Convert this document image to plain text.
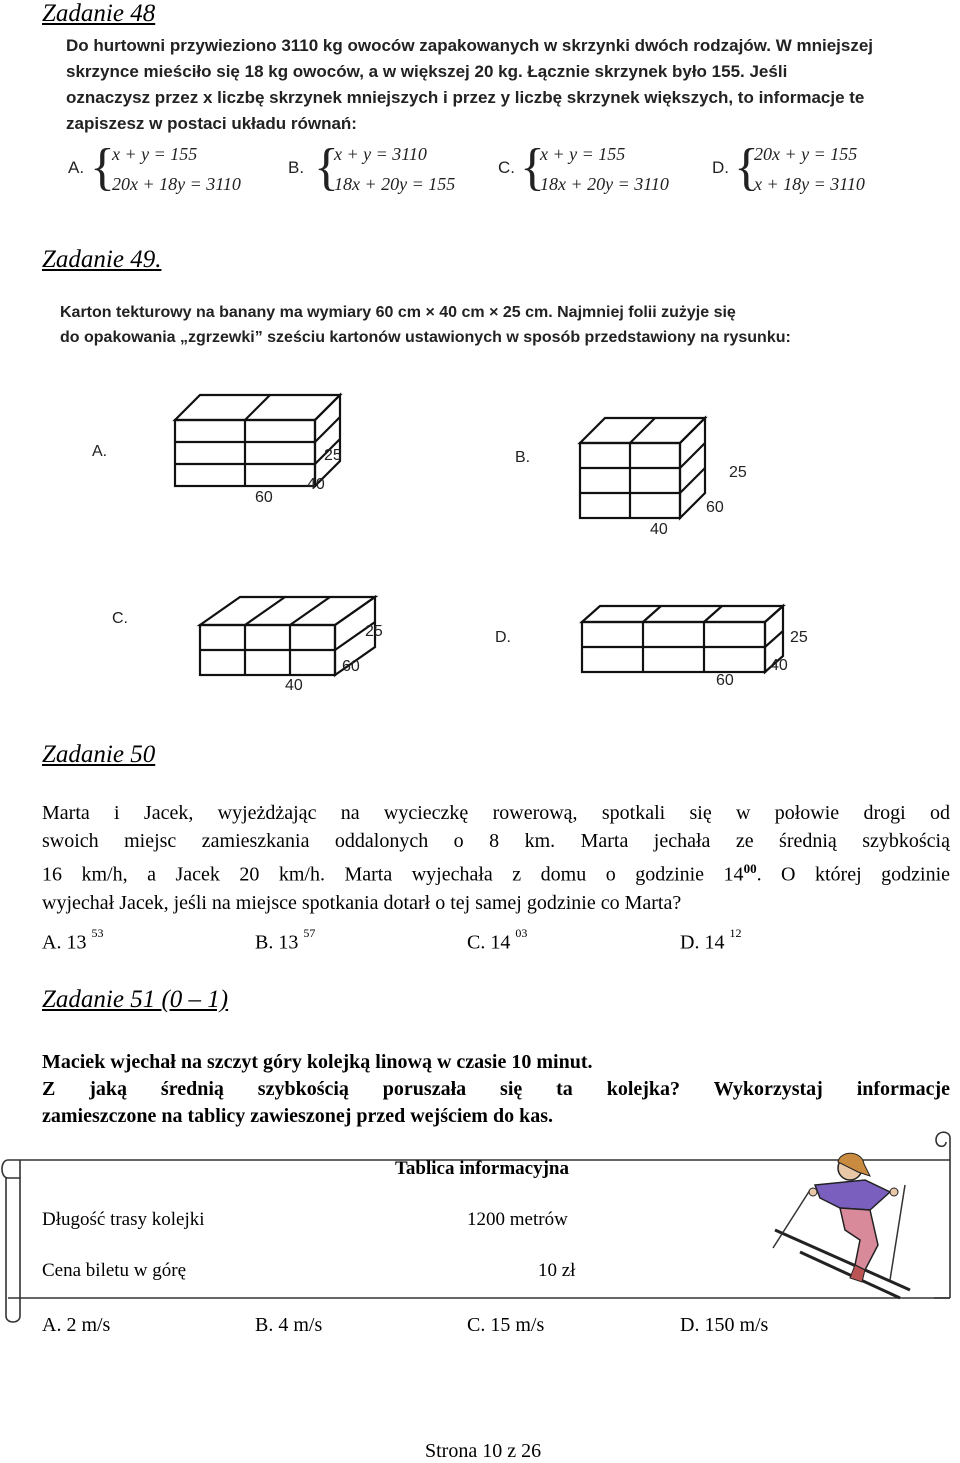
Zadanie 48
Do hurtowni przywieziono 3110 kg owoców zapakowanych w skrzynki dwóch rodzajów. W mniejszej
skrzynce mieściło się 18 kg owoców, a w większej 20 kg. Łącznie skrzynek było 155. Jeśli
oznaczysz przez x liczbę skrzynek mniejszych i przez y liczbę skrzynek większych, to informacje te
zapiszesz w postaci układu równań:
A. {
x + y = 155
20x + 18y = 3110
B. {
x + y = 3110
18x + 20y = 155
C. {
x + y = 155
18x + 20y = 3110
D. {
20x + y = 155
x + 18y = 3110
Zadanie 49.
Karton tekturowy na banany ma wymiary 60 cm × 40 cm × 25 cm. Najmniej folii zużyje się
do opakowania „zgrzewki” sześciu kartonów ustawionych w sposób przedstawiony na rysunku:
A.	25
60
40
B.
25
60
40
C.
25
60
40
D.	25
40
60
Zadanie 50
Marta i Jacek, wyjeżdżając na wycieczkę rowerową, spotkali się w połowie drogi od
swoich miejsc zamieszkania oddalonych o 8 km. Marta jechała ze średnią szybkością
16 km/h, a Jacek 20 km/h. Marta wyjechała z domu o godzinie $14^{00}$. O której godzinie
wyjechał Jacek, jeśli na miejsce spotkania dotarł o tej samej godzinie co Marta?
A. 13 $^{53}$	B. 13 $^{57}$	C. 14 $^{03}$	D. 14 $^{12}$
Zadanie 51 (0 – 1)
Maciek wjechał na szczyt góry kolejką linową w czasie 10 minut.
Z jaką średnią szybkością poruszała się ta kolejka? Wykorzystaj informacje
zamieszczone na tablicy zawieszonej przed wejściem do kas.
Tablica informacyjna
Długość trasy kolejki	1200 metrów
Cena biletu w górę	10 zł
A. 2 m/s	B. 4 m/s	C. 15 m/s	D. 150 m/s
Strona 10 z 26
